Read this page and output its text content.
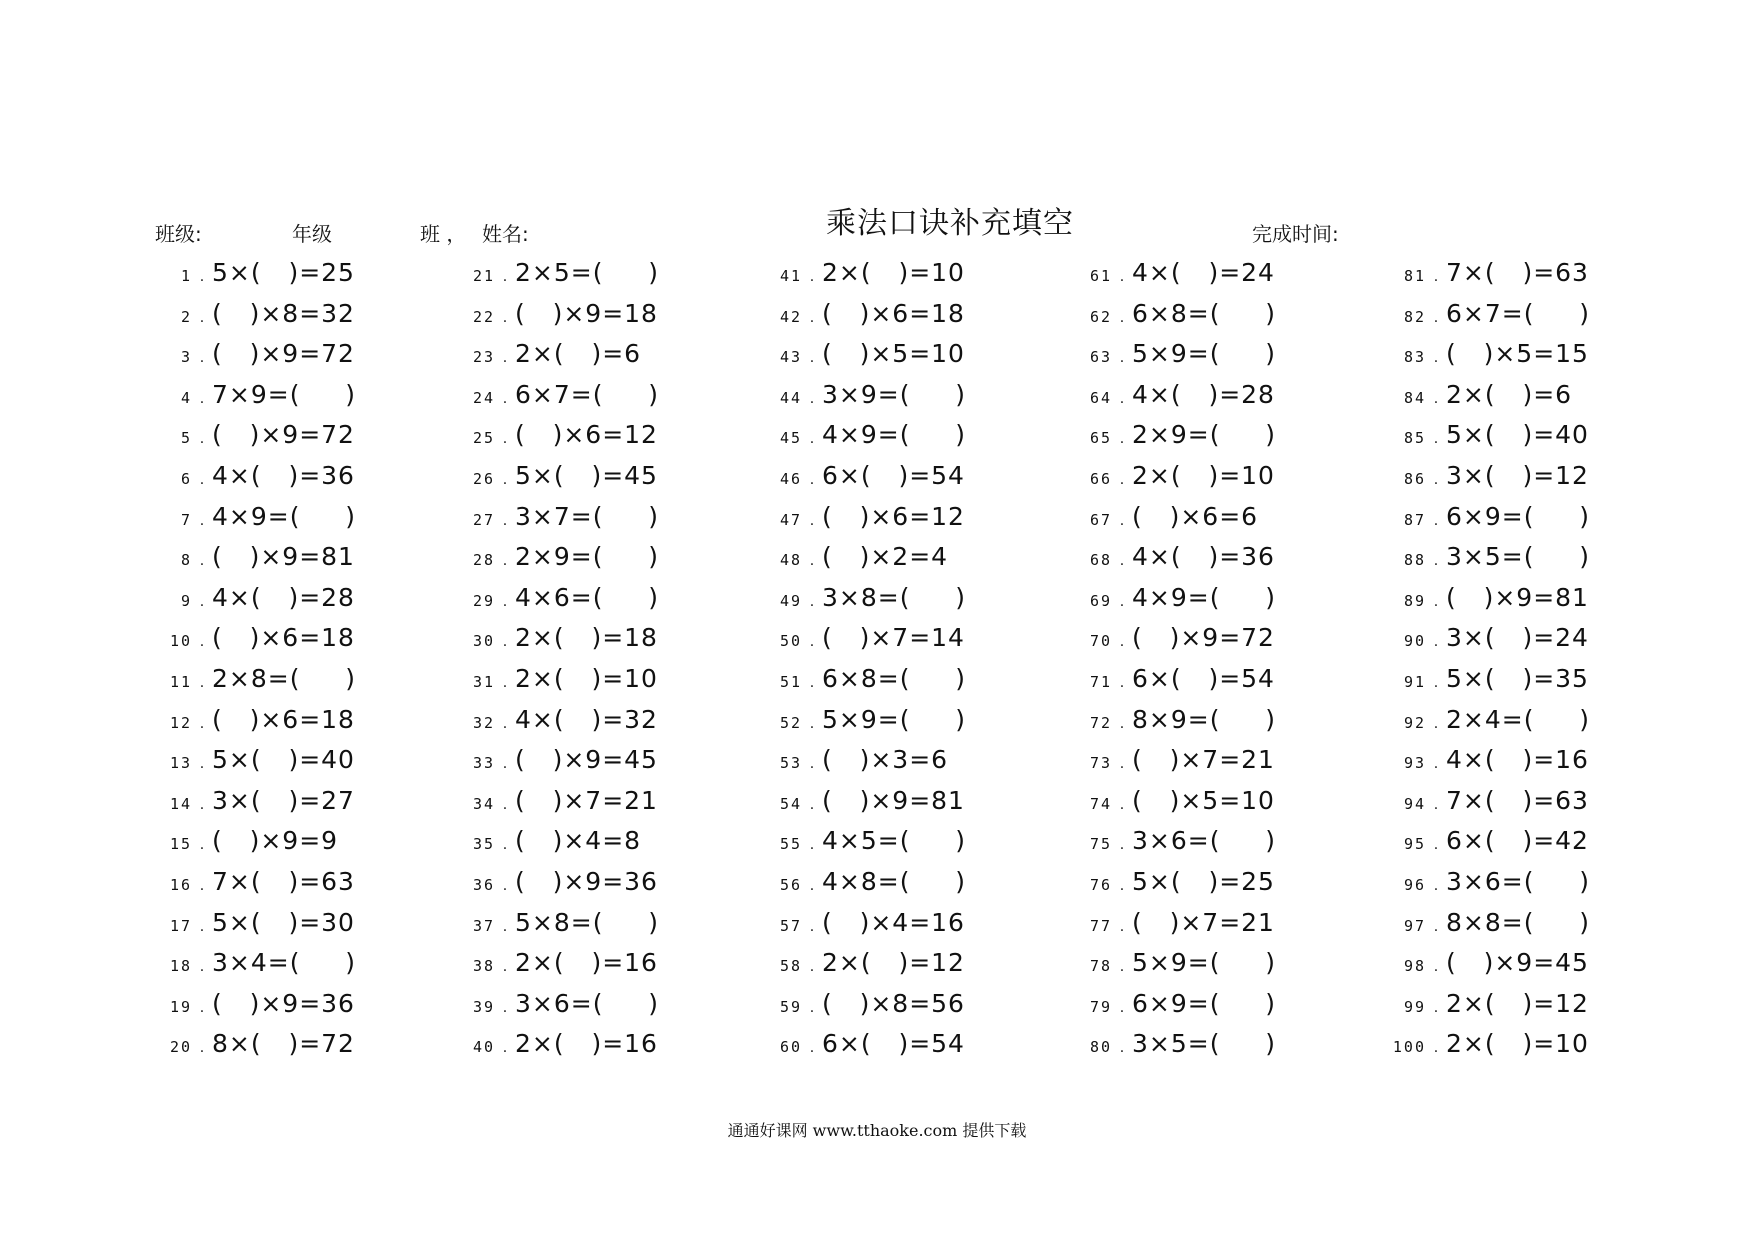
乘法口诀补充填空
班级:	年级	班 ， 姓名:	完成时间:
1 . 5×(   )=25
2 . (   )×8=32
3 . (   )×9=72
4 . 7×9=(     )
5 . (   )×9=72
6 . 4×(   )=36
7 . 4×9=(     )
8 . (   )×9=81
9 . 4×(   )=28
10 . (   )×6=18
11 . 2×8=(     )
12 . (   )×6=18
13 . 5×(   )=40
14 . 3×(   )=27
15 . (   )×9=9
16 . 7×(   )=63
17 . 5×(   )=30
18 . 3×4=(     )
19 . (   )×9=36
20 . 8×(   )=72
21 . 2×5=(     )
22 . (   )×9=18
23 . 2×(   )=6
24 . 6×7=(     )
25 . (   )×6=12
26 . 5×(   )=45
27 . 3×7=(     )
28 . 2×9=(     )
29 . 4×6=(     )
30 . 2×(   )=18
31 . 2×(   )=10
32 . 4×(   )=32
33 . (   )×9=45
34 . (   )×7=21
35 . (   )×4=8
36 . (   )×9=36
37 . 5×8=(     )
38 . 2×(   )=16
39 . 3×6=(     )
40 . 2×(   )=16
41 . 2×(   )=10
42 . (   )×6=18
43 . (   )×5=10
44 . 3×9=(     )
45 . 4×9=(     )
46 . 6×(   )=54
47 . (   )×6=12
48 . (   )×2=4
49 . 3×8=(     )
50 . (   )×7=14
51 . 6×8=(     )
52 . 5×9=(     )
53 . (   )×3=6
54 . (   )×9=81
55 . 4×5=(     )
56 . 4×8=(     )
57 . (   )×4=16
58 . 2×(   )=12
59 . (   )×8=56
60 . 6×(   )=54
61 . 4×(   )=24
62 . 6×8=(     )
63 . 5×9=(     )
64 . 4×(   )=28
65 . 2×9=(     )
66 . 2×(   )=10
67 . (   )×6=6
68 . 4×(   )=36
69 . 4×9=(     )
70 . (   )×9=72
71 . 6×(   )=54
72 . 8×9=(     )
73 . (   )×7=21
74 . (   )×5=10
75 . 3×6=(     )
76 . 5×(   )=25
77 . (   )×7=21
78 . 5×9=(     )
79 . 6×9=(     )
80 . 3×5=(     )
81 . 7×(   )=63
82 . 6×7=(     )
83 . (   )×5=15
84 . 2×(   )=6
85 . 5×(   )=40
86 . 3×(   )=12
87 . 6×9=(     )
88 . 3×5=(     )
89 . (   )×9=81
90 . 3×(   )=24
91 . 5×(   )=35
92 . 2×4=(     )
93 . 4×(   )=16
94 . 7×(   )=63
95 . 6×(   )=42
96 . 3×6=(     )
97 . 8×8=(     )
98 . (   )×9=45
99 . 2×(   )=12
100 . 2×(   )=10
通通好课网 www.tthaoke.com 提供下载
